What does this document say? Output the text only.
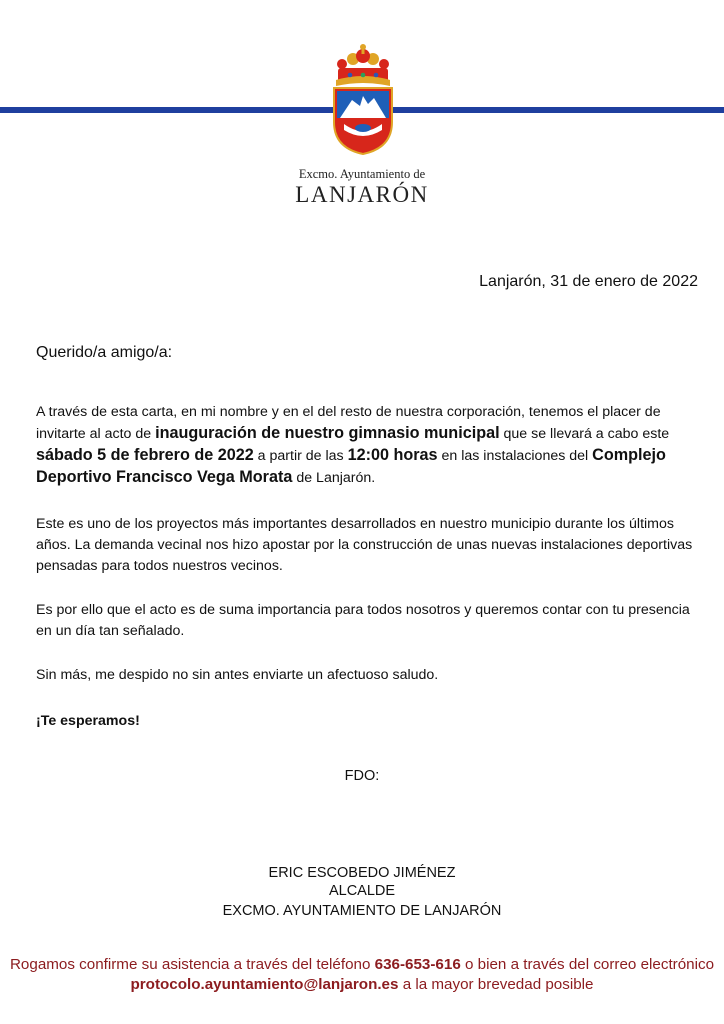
Excmo. Ayuntamiento de
LANJARÓN
Lanjarón, 31 de enero de 2022
Querido/a amigo/a:

A través de esta carta, en mi nombre y en el del resto de nuestra corporación, tenemos el placer de invitarte al acto de inauguración de nuestro gimnasio municipal que se llevará a cabo este sábado 5 de febrero de 2022 a partir de las 12:00 horas en las instalaciones del Complejo Deportivo Francisco Vega Morata de Lanjarón.

Este es uno de los proyectos más importantes desarrollados en nuestro municipio durante los últimos años. La demanda vecinal nos hizo apostar por la construcción de unas nuevas instalaciones deportivas pensadas para todos nuestros vecinos.

Es por ello que el acto es de suma importancia para todos nosotros y queremos contar con tu presencia en un día tan señalado.

Sin más, me despido no sin antes enviarte un afectuoso saludo.

¡Te esperamos!

FDO:
ERIC ESCOBEDO JIMÉNEZ
ALCALDE
EXCMO. AYUNTAMIENTO DE LANJARÓN
Rogamos confirme su asistencia a través del teléfono 636-653-616 o bien a través del correo electrónico protocolo.ayuntamiento@lanjaron.es a la mayor brevedad posible
